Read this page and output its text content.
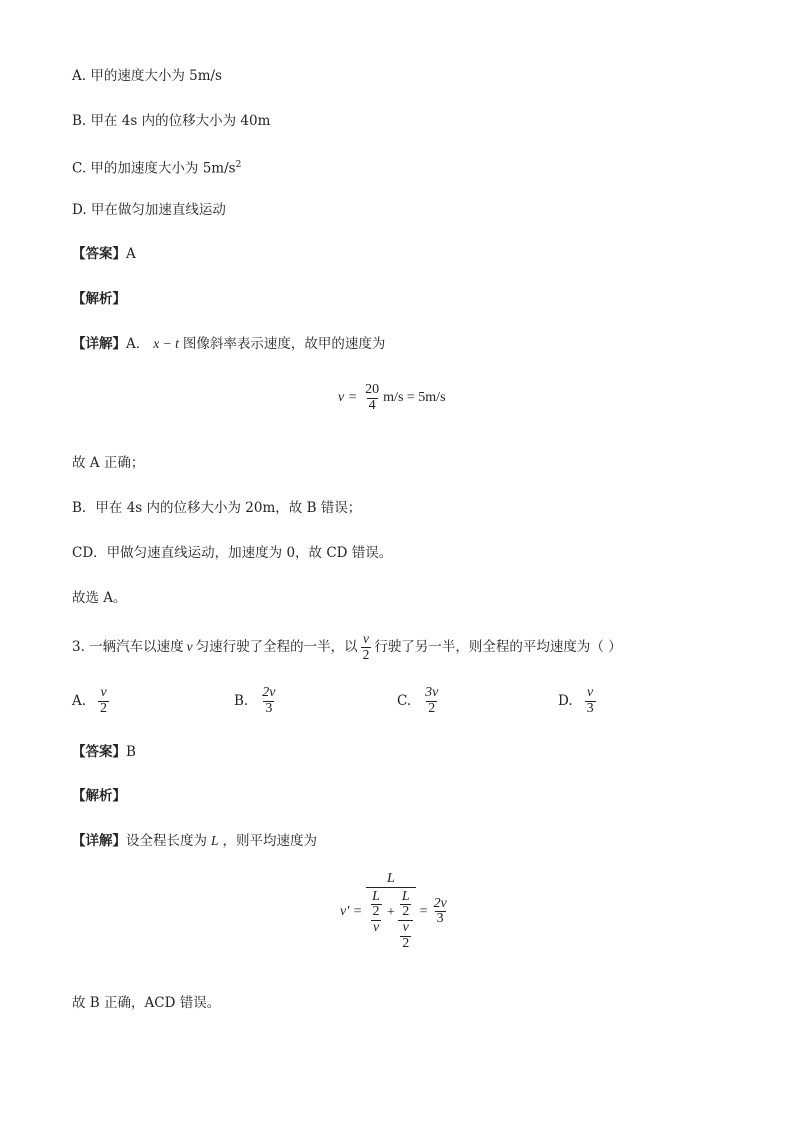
A. 甲的速度大小为 5m/s
B. 甲在 4s 内的位移大小为 40m
C. 甲的加速度大小为 $5m/s^2$
D. 甲在做匀加速直线运动
【答案】A
【解析】
【详解】A． x − t 图像斜率表示速度，故甲的速度为
$v = \frac{20}{4} m/s = 5m/s$
故 A 正确；
B．甲在 4s 内的位移大小为 20m，故 B 错误；
CD．甲做匀速直线运动，加速度为 0，故 CD 错误。
故选 A。
3. 一辆汽车以速度 v 匀速行驶了全程的一半，以 $\frac{v}{2}$ 行驶了另一半，则全程的平均速度为（ ）
A. $\frac{v}{2}$	B. $\frac{2v}{3}$	C. $\frac{3v}{2}$	D. $\frac{v}{3}$
【答案】B
【解析】
【详解】设全程长度为 L ，则平均速度为
v' =
L
$\frac{\frac{L}{2}}{v} + \frac{\frac{L}{2}}{\frac{v}{2}} = \frac{2v}{3}$
故 B 正确，ACD 错误。
